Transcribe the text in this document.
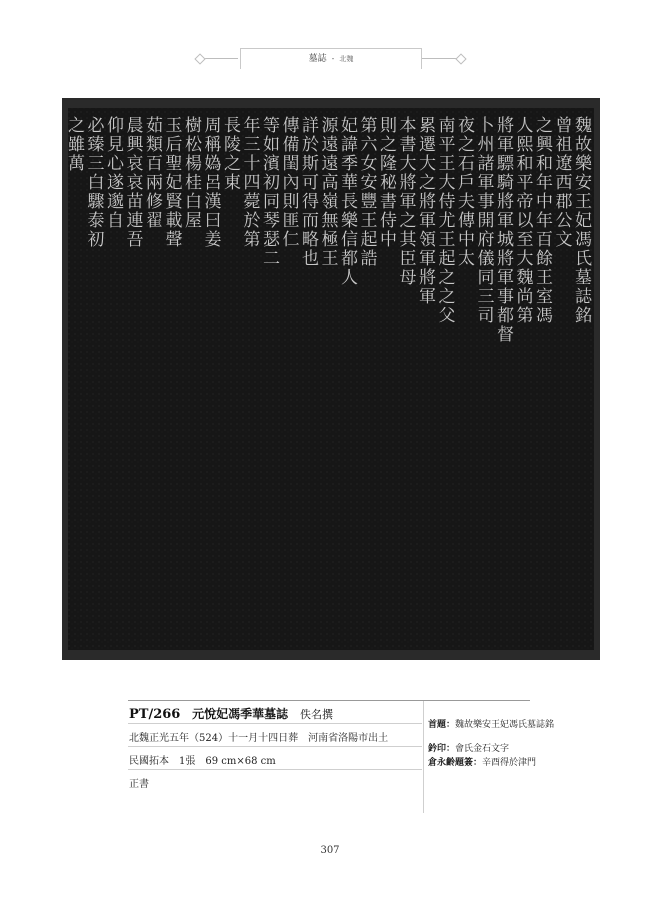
墓誌 ・ 北魏
魏故樂安王妃馮氏墓誌銘
曾祖遼西郡公文
之興和年中年百餘王室馮
人熙和平帝以至大魏尚第
將軍驃騎將軍城將軍事都督
卜州諸軍事開府儀同三司
夜之石戶夫傳中太
南平王大侍尤王起之之父
累遷大之將軍領軍將軍
本書大將軍之其臣母
則之隆秘書侍中
第六女安豐王起誥
妃諱季華長樂信都人
源遠遠高嶺無極王
詳於斯可得而略也
傳備閨內則匪仁
等如濱初同琴瑟二
年三十四薨於第
長陵之東
周稱媯呂漢曰姜
樹松楊桂白屋
玉后聖妃賢載聲
茹類百兩修翟
晨興哀哀苗連吾
仰見心遂邈自
必臻三白驟泰初
之雖萬
PT/266 元悅妃馮季華墓誌 佚名撰
北魏正光五年（524）十一月十四日葬　河南省洛陽市出土
民國拓本　1張　69 cm×68 cm
正書
首題：魏故樂安王妃馮氏墓誌銘
鈐印：會氏金石文字
倉永齡題簽：辛酉得於津門
307
